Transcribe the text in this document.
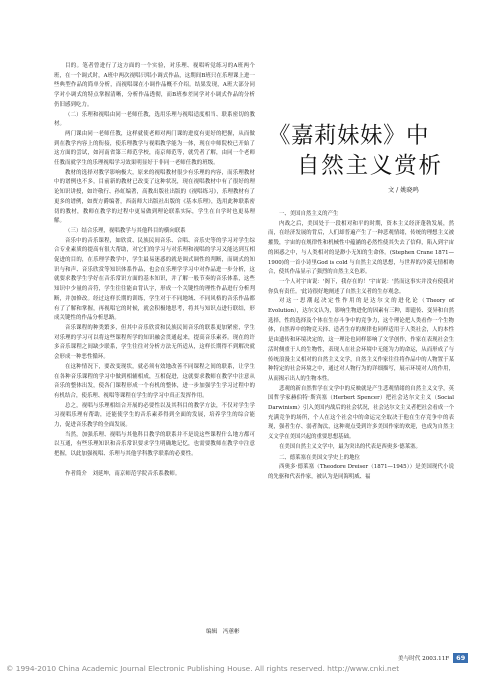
目的。笔者曾进行了这方面的一个实验，对乐理、视唱听觉练习的A班两个班，在一个调式时，A班中两次视唱只唱小调式作品，这期间B班只在乐理课上进一些典型作品的简单分析，而视唱课在小调作品概不介绍。结果发现，A班大部分同学对小调式的特点掌握清晰，分析作品透彻，而B班参差同学对小调式作品的分析仍旧感到吃力。

（二）乐理和视唱由同一老师任教，选用乐理与视唱适度相当、联系密切的教材。

两门课由同一老师任教，这样就使老师对两门课的进度有更好的把握，从而做到在教学内容上的衔接，使乐理教学与视唱教学能为一体，现在中师院校已开始了这方面的尝试，如河南省第三师范学校，南京师范等，就凭者了解，由同一个老师任教而就学生的乐理视唱学习效果明显好于非同一老师任教的班级。

教材的选择对教学影响极大，原来的视唱教材很少有乐理的内容，而乐理教材中的谱例也不多，目前新的教材已改变了这种状况，现在视唱教材中有了很好的理论知识讲授，如许敬行、孙虹编著，高教出版社出版的《视唱练习》，乐理教材有了更多的谱例，如贾方爵编著，西南师大出版社出版的《基本乐理》，选用此种联系密切的教材，教师在教学的过程中更易做到理论联系实际，学生在自学时也更易理解。

（三）结合乐理，视唱教学与其他科目的横向联系

音乐中的音乐课程，如欣赏、民族民间音乐、合唱、音乐史等的学习对学生综合专业素质的提高有很大帮助，对它们的学习与对乐理和视唱的学习又能达到互相促进的目的，在乐理学教学中，学生最易迷惑的就是调式调性的判断，而调式的知识与和声、音乐欣赏等知识体系作品，也会在乐理学学习中对作品进一步分析，这就要求教学生学好在音乐常识方面的基本知识，并了解一般节奏的音乐体系，这些知识中少量的音符，学生往往能由背认字，形成一个关键性的理性作品进行分析判断，并加修改。经过这样长期的训练，学生对于不同地域、不同风格的音乐作品都有了了解和掌握，再视唱它的时候，就会积极地思考，将其与知识点进行联结，形成关键性的作品分析思路。

音乐课程的种类繁多，但其中音乐欣赏和民族民间音乐的联系更加紧密，学生对乐理的学习可以将这些课程所学的知识融会贯通起来，提高音乐素养。现在的许多音乐课程之间缺少联系，学生往往对分析方法无所适从，这样长期得不到解决就会形成一种恶性循环。

在这种情况下，要改变现状，就必须有效地改善不同课程之间的联系，让学生在各种音乐课程的学习中做到相辅相成，互相促进，这就要求教师在教学中注意从音乐的整体出发，使各门课程形成一个有机的整体，进一步加强学生学习过程中的有机结合，使乐理、视唱等课程在学生的学习中真正发挥作用。

总之，视唱与乐理相结合开展的必要性以及其科目的教学方法，不仅对学生学习视唱乐理有帮助，还能使学生的音乐素养得到全面的发展，培养学生的综合能力，促进音乐教学的全面发展。

当然，加强乐理、视唱与其他科目教学的联系并不是说这些课程什么地方都可以互通，有些乐理知识和音乐常识要求学生明确地记忆，也需要教师在教学中注意把握，以此加强视唱、乐理与其他学科教学联系的必要性。

作者简介　刘延坤，南京师范学院音乐系教师。

编辑　冯蕙彬
《嘉莉妹妹》中
自然主义赏析
文 / 姚晓鸣

一、美国自然主义的产生

内战之后，美国处于一段相对和平的时期，资本主义经济蓬勃发展，然而，在经济发展的背后，人们却普遍产生了一种悲观情绪，传统的理想主义被摧毁，宇宙的在规律性和机械性中蕴涵的必然性使其失去了信仰，陷入到宇宙的困惑之中，与人类相对的是渺小无知的生命体。(Stephen Crane 1871—1900)的一首小诗里God is cold 与自然主义的思想，与世界的冷漠无情相吻合，使其作品显示了强烈的自然主义色彩。

一个人对宇宙说：'阁下，我存在的！'宇宙说：'然而这事实并没有使我对你负有责任。'此诗很好地阐述了自然主义者的生存观念。

对这一思潮起决定性作用的是达尔文的进化论（Theory of Evolution），达尔文认为，影响生物进化的因素有三种，即遗传、变异和自然选择，性的选择及个体在生存斗争中的竞争力，这个理论把人类看作一个生物体，自然界中的物竞天择、适者生存的规律也同样适用于人类社会，人的本性是由遗传和环境决定的，这一理论也同样影响了文学创作，作家在表现社会生活时侧重于人的生物性，表现人在社会环境中无能为力的命运，从而形成了与传统浪漫主义相对的自然主义文学，自然主义作家往往将作品中的人物置于某种特定的社会环境之中，通过对人物行为的详细描写，展示环境对人的作用，从而揭示出人的生物本性。

悲观的新自然哲学在文学中的反映就是产生悲观情绪的自然主义文学，英国哲学家赫伯特·斯宾塞（Herbert Spencer）把社会达尔文主义（Social Darwinism）引入美国内战后的社会状况，社会达尔文主义者把社会看成一个充满竞争的场所，个人在这个社会中的命运完全取决于他在生存竞争中的表现，强者生存、弱者淘汰，这种观点受到许多美国作家的欢迎，也成为自然主义文学在美国兴起的重要思想基础。

在美国自然主义文学中，最为突出的代表是西奥多·德莱塞。

二、德莱塞在美国文学史上的地位

西奥多·德莱塞（Theodore Dreiser（1871—1945））是美国现代小说的先驱和代表作家，被认为是同海明威、福

美与时代 2003.11F	69
© 1994-2010 China Academic Journal Electronic Publishing House. All rights reserved. http://www.cnki.net
